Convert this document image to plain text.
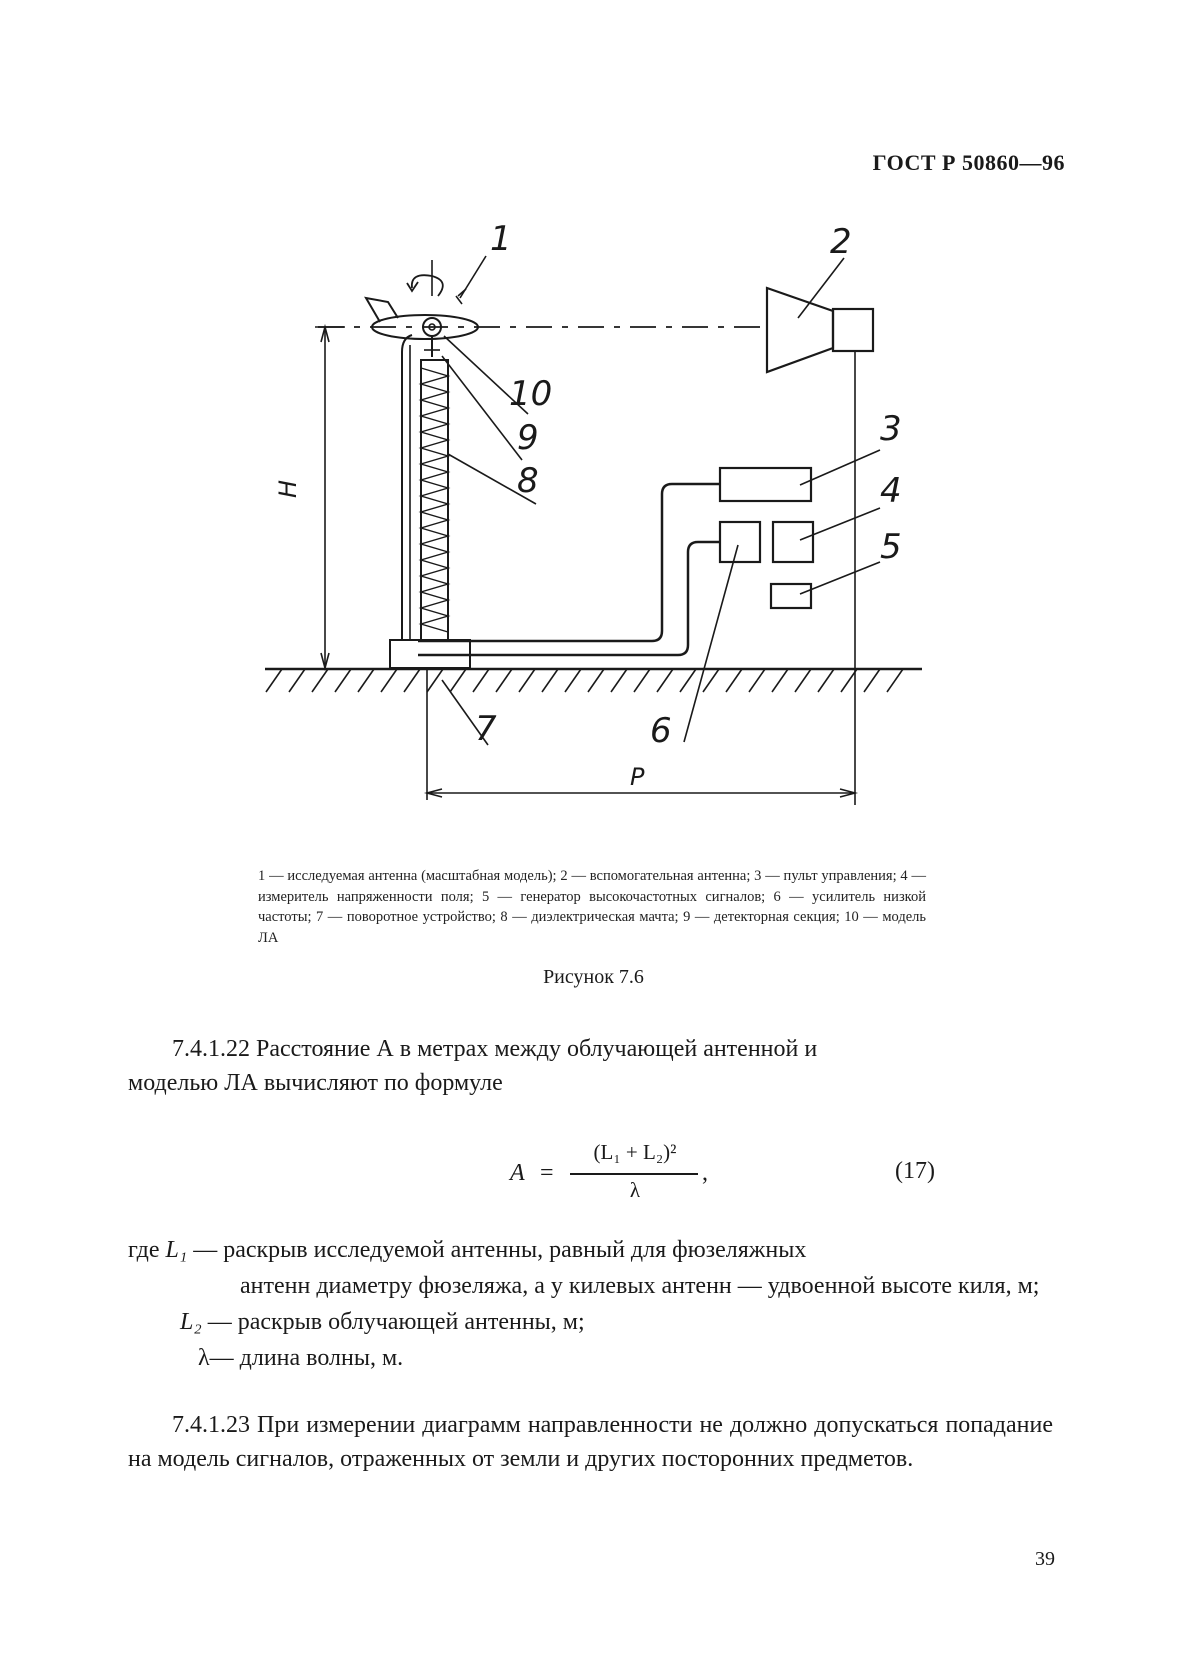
ГОСТ Р 50860—96
1	2
3
4
5
6
7
8
9
10
H
P
1 — исследуемая антенна (масштабная модель); 2 — вспомогательная антенна; 3 — пульт управления; 4 — измеритель напряженности поля; 5 — генератор высокочастотных сигналов; 6 — усилитель низкой частоты; 7 — поворотное устройство; 8 — диэлектрическая мачта; 9 — детекторная секция; 10 — модель ЛА
Рисунок 7.6
7.4.1.22 Расстояние А в метрах между облучающей антенной и
моделью ЛА вычисляют по формуле
A =
(L₁ + L₂)²
λ
,	(17)
где L₁ — раскрыв исследуемой антенны, равный для фюзеляжных
антенн диаметру фюзеляжа, а у килевых антенн — удвоенной высоте киля, м;
L₂ — раскрыв облучающей антенны, м;
λ— длина волны, м.
7.4.1.23 При измерении диаграмм направленности не должно допускаться попадание на модель сигналов, отраженных от земли и других посторонних предметов.
39
